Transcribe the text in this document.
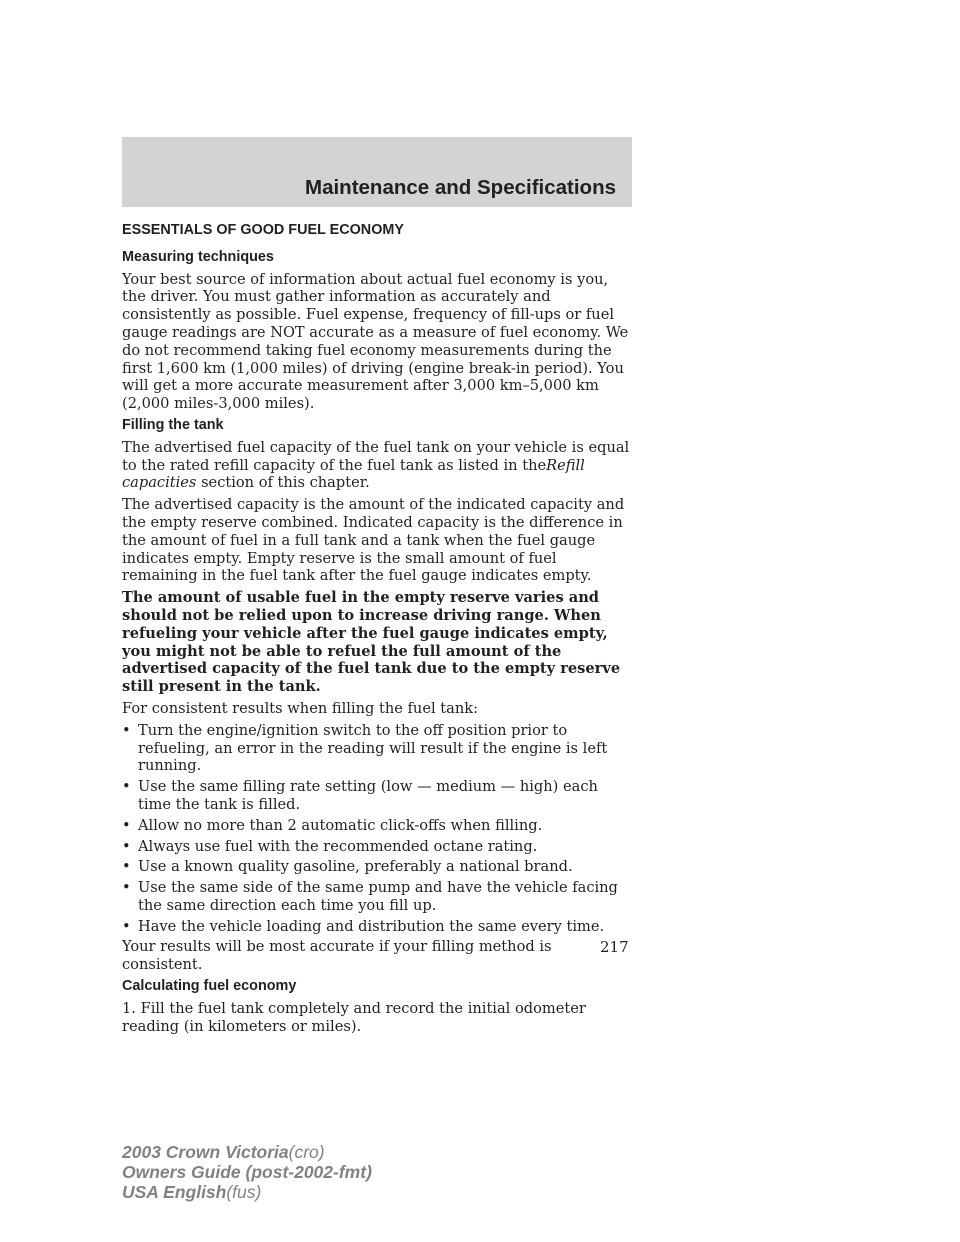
Maintenance and Specifications
ESSENTIALS OF GOOD FUEL ECONOMY
Measuring techniques

Your best source of information about actual fuel economy is you, the driver. You must gather information as accurately and consistently as possible. Fuel expense, frequency of fill-ups or fuel gauge readings are NOT accurate as a measure of fuel economy. We do not recommend taking fuel economy measurements during the first 1,600 km (1,000 miles) of driving (engine break-in period). You will get a more accurate measurement after 3,000 km–5,000 km (2,000 miles-3,000 miles).

Filling the tank

The advertised fuel capacity of the fuel tank on your vehicle is equal to the rated refill capacity of the fuel tank as listed in theRefill capacities section of this chapter.

The advertised capacity is the amount of the indicated capacity and the empty reserve combined. Indicated capacity is the difference in the amount of fuel in a full tank and a tank when the fuel gauge indicates empty. Empty reserve is the small amount of fuel remaining in the fuel tank after the fuel gauge indicates empty.

The amount of usable fuel in the empty reserve varies and should not be relied upon to increase driving range. When refueling your vehicle after the fuel gauge indicates empty, you might not be able to refuel the full amount of the advertised capacity of the fuel tank due to the empty reserve still present in the tank.

For consistent results when filling the fuel tank:

• Turn the engine/ignition switch to the off position prior to refueling, an error in the reading will result if the engine is left running.
• Use the same filling rate setting (low — medium — high) each time the tank is filled.
• Allow no more than 2 automatic click-offs when filling.
• Always use fuel with the recommended octane rating.
• Use a known quality gasoline, preferably a national brand.
• Use the same side of the same pump and have the vehicle facing the same direction each time you fill up.
• Have the vehicle loading and distribution the same every time.

Your results will be most accurate if your filling method is consistent.

Calculating fuel economy

1. Fill the fuel tank completely and record the initial odometer reading (in kilometers or miles).

217
2003 Crown Victoria(cro)
Owners Guide (post-2002-fmt)
USA English(fus)
